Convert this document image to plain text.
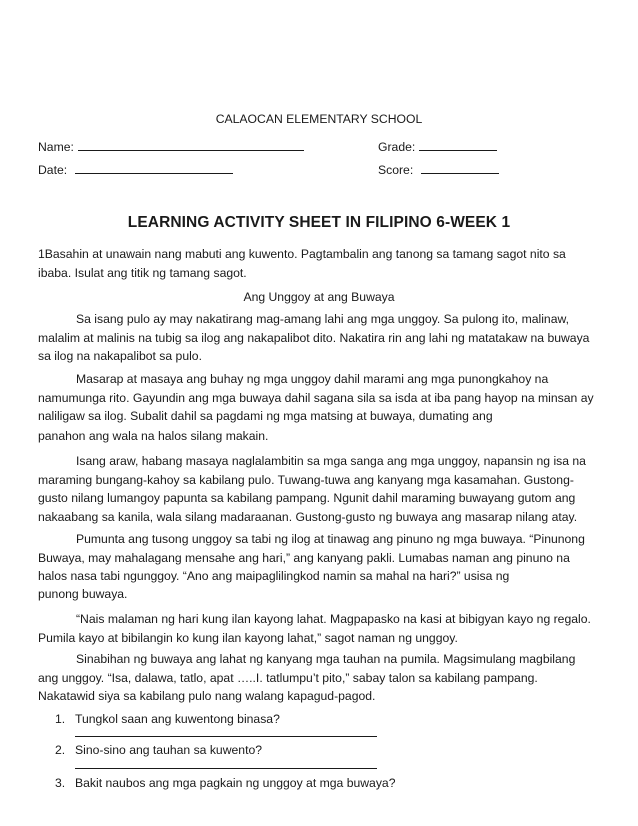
CALAOCAN ELEMENTARY SCHOOL
Name:	Grade:
Date:	Score:
LEARNING ACTIVITY SHEET IN FILIPINO 6-WEEK 1
1Basahin at unawain nang mabuti ang kuwento. Pagtambalin ang tanong sa tamang sagot nito sa ibaba. Isulat ang titik ng tamang sagot.
Ang Unggoy at ang Buwaya
Sa isang pulo ay may nakatirang mag-amang lahi ang mga unggoy. Sa pulong ito, malinaw, malalim at malinis na tubig sa ilog ang nakapalibot dito. Nakatira rin ang lahi ng matatakaw na buwaya sa ilog na nakapalibot sa pulo.
Masarap at masaya ang buhay ng mga unggoy dahil marami ang mga punongkahoy na namumunga rito. Gayundin ang mga buwaya dahil sagana sila sa isda at iba pang hayop na minsan ay naliligaw sa ilog. Subalit dahil sa pagdami ng mga matsing at buwaya, dumating ang
panahon ang wala na halos silang makain.
Isang araw, habang masaya naglalambitin sa mga sanga ang mga unggoy, napansin ng isa na maraming bungang-kahoy sa kabilang pulo. Tuwang-tuwa ang kanyang mga kasamahan. Gustong-gusto nilang lumangoy papunta sa kabilang pampang. Ngunit dahil maraming buwayang gutom ang nakaabang sa kanila, wala silang madaraanan. Gustong-gusto ng buwaya ang masarap nilang atay.
Pumunta ang tusong unggoy sa tabi ng ilog at tinawag ang pinuno ng mga buwaya. “Pinunong Buwaya, may mahalagang mensahe ang hari,” ang kanyang pakli. Lumabas naman ang pinuno na halos nasa tabi ngunggoy. “Ano ang maipaglilingkod namin sa mahal na hari?” usisa ng
punong buwaya.
“Nais malaman ng hari kung ilan kayong lahat. Magpapasko na kasi at bibigyan kayo ng regalo. Pumila kayo at bibilangin ko kung ilan kayong lahat,” sagot naman ng unggoy.
Sinabihan ng buwaya ang lahat ng kanyang mga tauhan na pumila. Magsimulang magbilang ang unggoy. “Isa, dalawa, tatlo, apat …..I. tatlumpu’t pito,” sabay talon sa kabilang pampang. Nakatawid siya sa kabilang pulo nang walang kapagud-pagod.
1. Tungkol saan ang kuwentong binasa?
2. Sino-sino ang tauhan sa kuwento?
3. Bakit naubos ang mga pagkain ng unggoy at mga buwaya?
